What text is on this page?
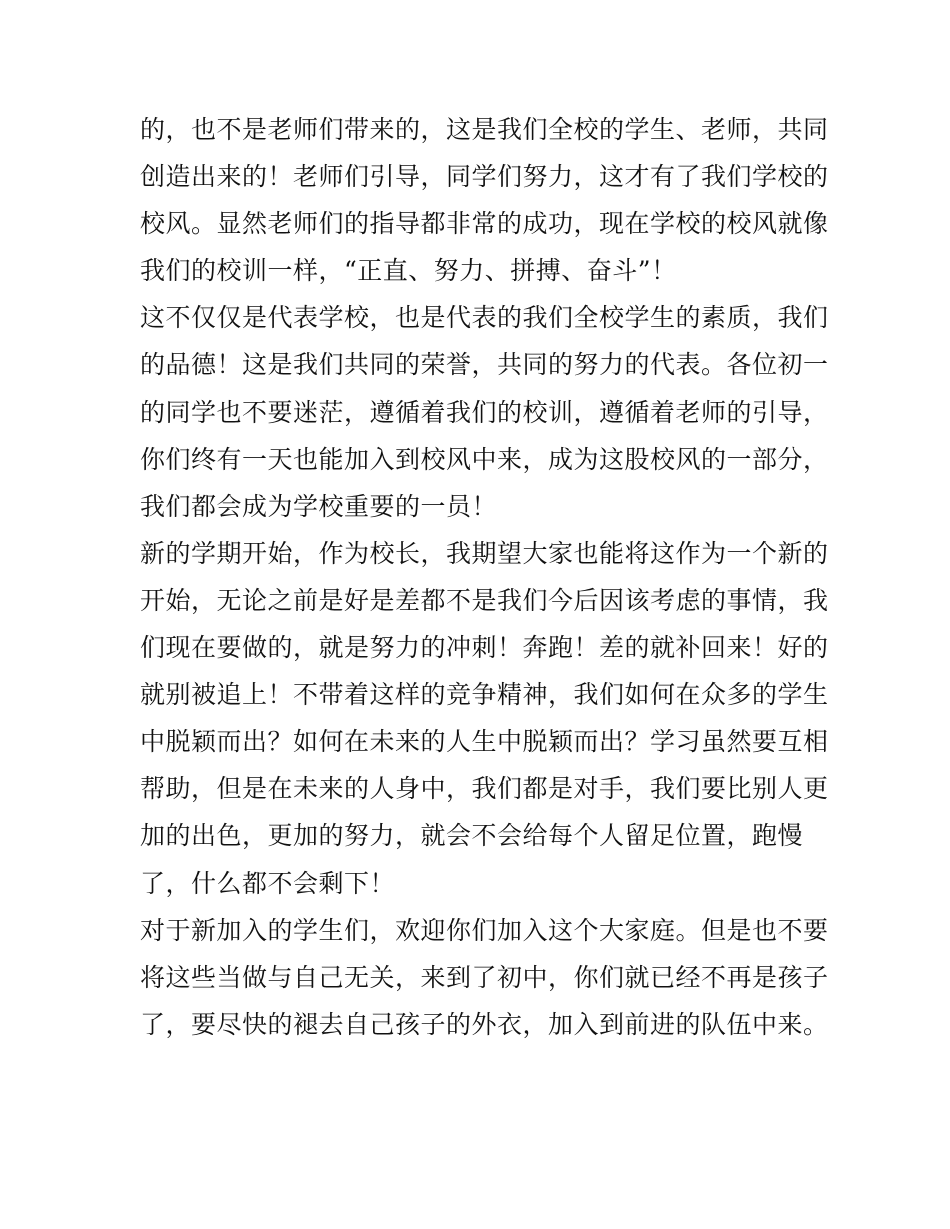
的，也不是老师们带来的，这是我们全校的学生、老师，共同
创造出来的！老师们引导，同学们努力，这才有了我们学校的
校风。显然老师们的指导都非常的成功，现在学校的校风就像
我们的校训一样，“正直、努力、拼搏、奋斗”！
这不仅仅是代表学校，也是代表的我们全校学生的素质，我们
的品德！这是我们共同的荣誉，共同的努力的代表。各位初一
的同学也不要迷茫，遵循着我们的校训，遵循着老师的引导，
你们终有一天也能加入到校风中来，成为这股校风的一部分，
我们都会成为学校重要的一员！
新的学期开始，作为校长，我期望大家也能将这作为一个新的
开始，无论之前是好是差都不是我们今后因该考虑的事情，我
们现在要做的，就是努力的冲刺！奔跑！差的就补回来！好的
就别被追上！不带着这样的竞争精神，我们如何在众多的学生
中脱颖而出？如何在未来的人生中脱颖而出？学习虽然要互相
帮助，但是在未来的人身中，我们都是对手，我们要比别人更
加的出色，更加的努力，就会不会给每个人留足位置，跑慢
了，什么都不会剩下！
对于新加入的学生们，欢迎你们加入这个大家庭。但是也不要
将这些当做与自己无关，来到了初中，你们就已经不再是孩子
了，要尽快的褪去自己孩子的外衣，加入到前进的队伍中来。
